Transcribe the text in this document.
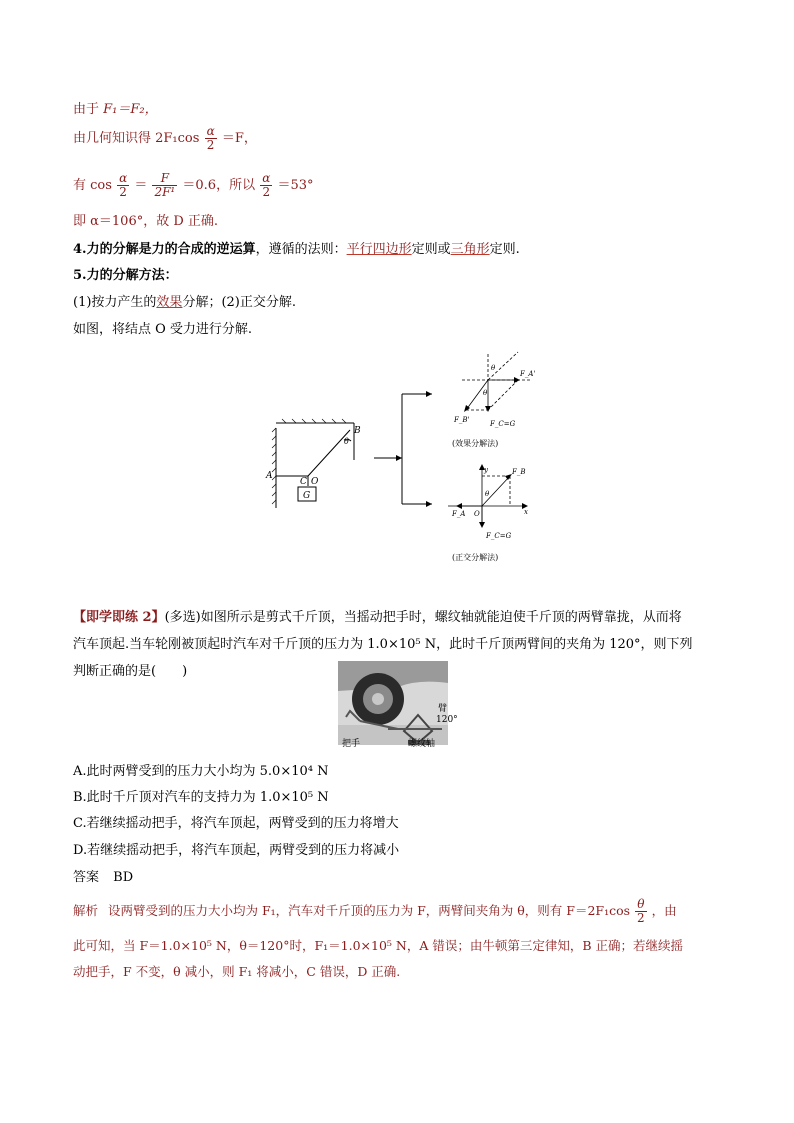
由于 F₁＝F₂，
由几何知识得 $2F_1\cos \frac{\alpha}{2} =F$，
有 $\cos \frac{\alpha}{2} = \frac{F}{\text{2F¹}} =0.6$，所以 $\frac{\alpha}{2} =53^\circ$
即 α＝106°，故 D 正确.
4.力的分解是力的合成的逆运算，遵循的法则：平行四边形定则或三角形定则.
5.力的分解方法：
(1)按力产生的效果分解；(2)正交分解.
如图，将结点 O 受力进行分解.
A
B
C O
G
θ
θ
θ
F_A'
F_B'	F_C=G
(效果分解法)
y
x
F_B
F_A O
θ
F_C=G
(正交分解法)
【即学即练 2】(多选)如图所示是剪式千斤顶，当摇动把手时，螺纹轴就能迫使千斤顶的两臂靠拢，从而将
汽车顶起.当车轮刚被顶起时汽车对千斤顶的压力为 1.0×10⁵ N，此时千斤顶两臂间的夹角为 120°，则下列
判断正确的是(　　)
臂
120°
把手	螺纹轴
A.此时两臂受到的压力大小均为 5.0×10⁴ N
B.此时千斤顶对汽车的支持力为 1.0×10⁵ N
C.若继续摇动把手，将汽车顶起，两臂受到的压力将增大
D.若继续摇动把手，将汽车顶起，两臂受到的压力将减小
答案 BD
解析 设两臂受到的压力大小均为 F₁，汽车对千斤顶的压力为 F，两臂间夹角为 θ，则有 $F=2F_1\cos \frac{\theta}{2}$ ，由
此可知，当 F＝1.0×10⁵ N，θ＝120°时，F₁＝1.0×10⁵ N，A 错误；由牛顿第三定律知，B 正确；若继续摇
动把手，F 不变，θ 减小，则 F₁ 将减小，C 错误，D 正确.
